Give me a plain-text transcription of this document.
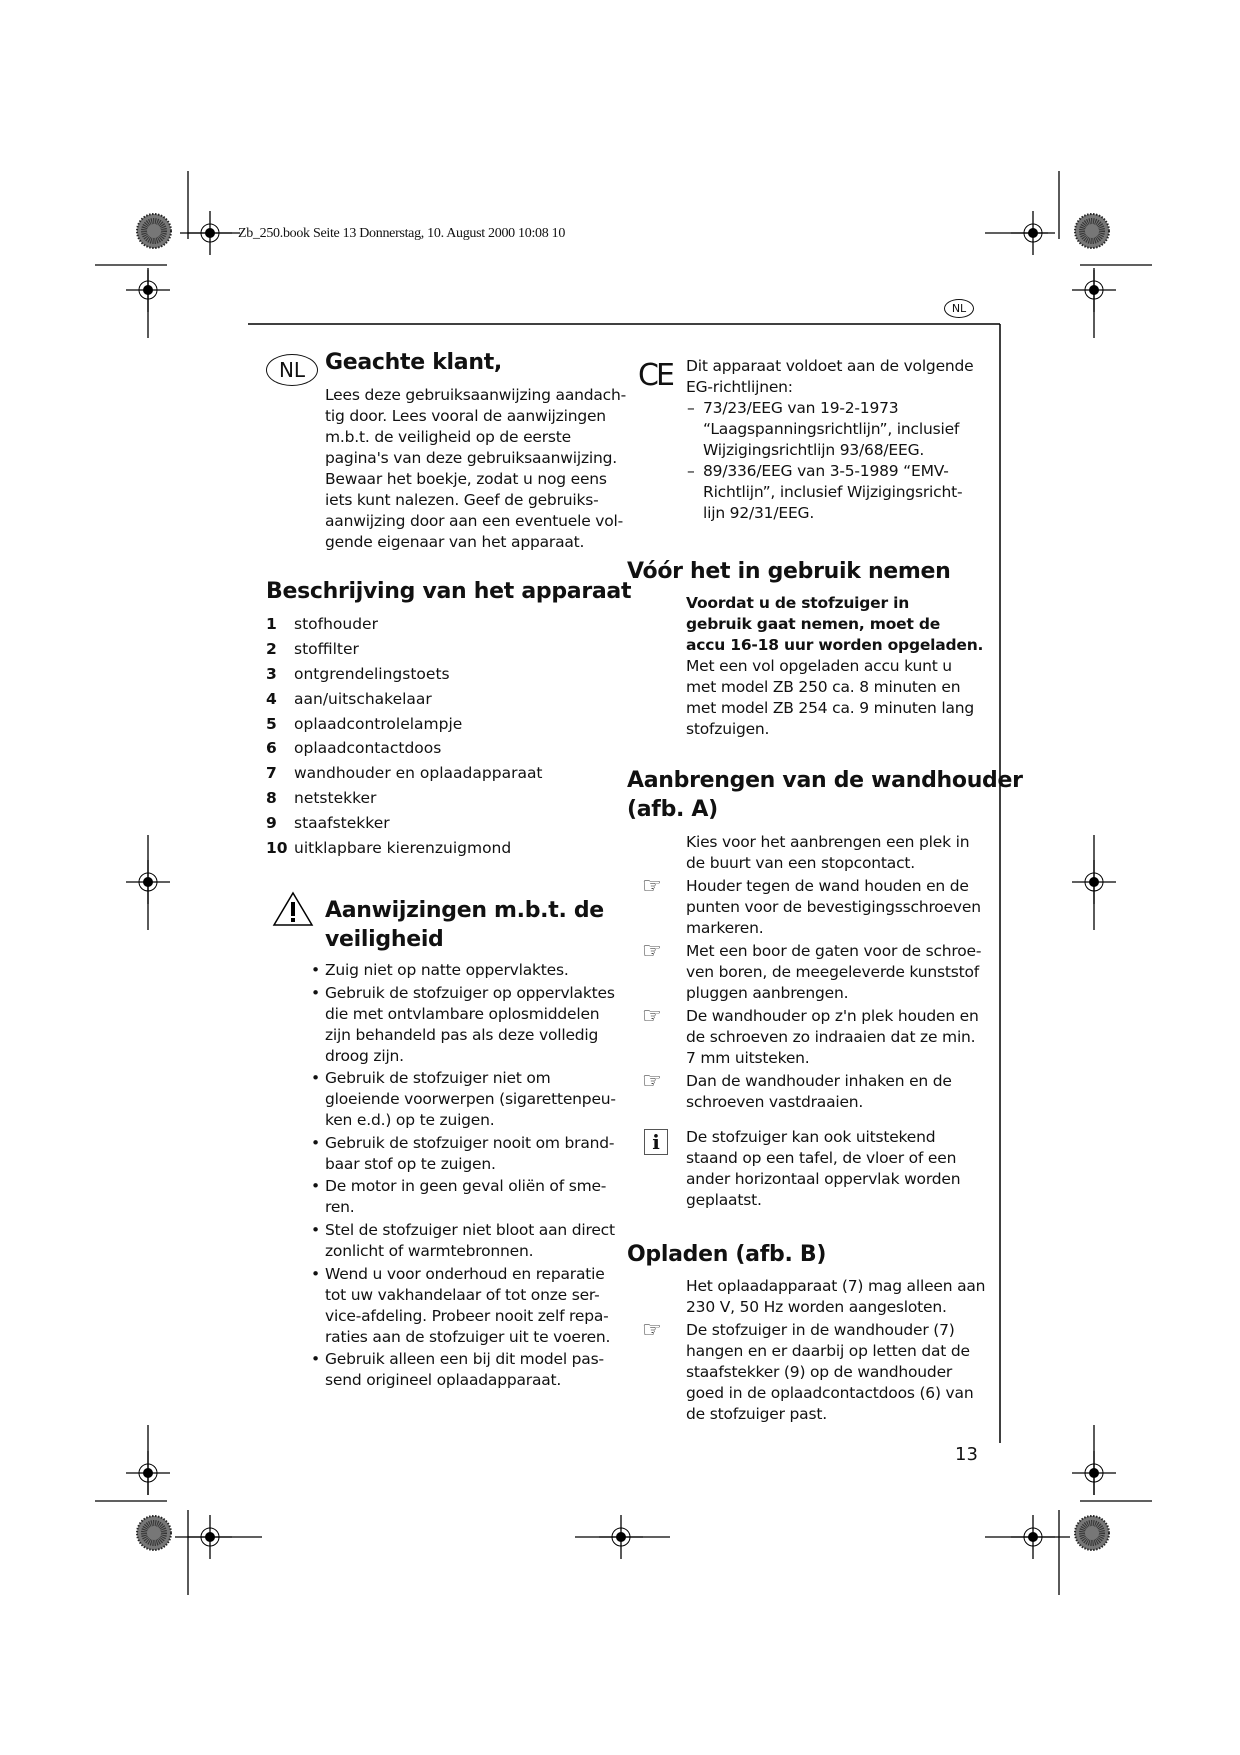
Zb_250.book Seite 13 Donnerstag, 10. August 2000 10:08 10
NL
13
NL Geachte klant,
Lees deze gebruiksaanwijzing aandach-
tig door. Lees vooral de aanwijzingen
m.b.t. de veiligheid op de eerste
pagina's van deze gebruiksaanwijzing.
Bewaar het boekje, zodat u nog eens
iets kunt nalezen. Geef de gebruiks-
aanwijzing door aan een eventuele vol-
gende eigenaar van het apparaat.
Beschrijving van het apparaat
1	stofhouder
2	stoffilter
3	ontgrendelingstoets
4	aan/uitschakelaar
5	oplaadcontrolelampje
6	oplaadcontactdoos
7	wandhouder en oplaadapparaat
8	netstekker
9	staafstekker
10 uitklapbare kierenzuigmond
Aanwijzingen m.b.t. de
veiligheid
• Zuig niet op natte oppervlaktes.
• Gebruik de stofzuiger op oppervlaktes
die met ontvlambare oplosmiddelen
zijn behandeld pas als deze volledig
droog zijn.
• Gebruik de stofzuiger niet om
gloeiende voorwerpen (sigarettenpeu-
ken e.d.) op te zuigen.
• Gebruik de stofzuiger nooit om brand-
baar stof op te zuigen.
• De motor in geen geval oliën of sme-
ren.
• Stel de stofzuiger niet bloot aan direct
zonlicht of warmtebronnen.
• Wend u voor onderhoud en reparatie
tot uw vakhandelaar of tot onze ser-
vice-afdeling. Probeer nooit zelf repa-
raties aan de stofzuiger uit te voeren.
• Gebruik alleen een bij dit model pas-
send origineel oplaadapparaat.
CE Dit apparaat voldoet aan de volgende
EG-richtlijnen:
– 73/23/EEG van 19-2-1973
“Laagspanningsrichtlijn”, inclusief
Wijzigingsrichtlijn 93/68/EEG.
– 89/336/EEG van 3-5-1989 “EMV-
Richtlijn”, inclusief Wijzigingsricht-
lijn 92/31/EEG.
Vóór het in gebruik nemen
Voordat u de stofzuiger in
gebruik gaat nemen, moet de
accu 16-18 uur worden opgeladen.
Met een vol opgeladen accu kunt u
met model ZB 250 ca. 8 minuten en
met model ZB 254 ca. 9 minuten lang
stofzuigen.
Aanbrengen van de wandhouder
(afb. A)
Kies voor het aanbrengen een plek in
de buurt van een stopcontact.
☞ Houder tegen de wand houden en de
punten voor de bevestigingsschroeven
markeren.
☞ Met een boor de gaten voor de schroe-
ven boren, de meegeleverde kunststof
pluggen aanbrengen.
☞ De wandhouder op z'n plek houden en
de schroeven zo indraaien dat ze min.
7 mm uitsteken.
☞ Dan de wandhouder inhaken en de
schroeven vastdraaien.
i	De stofzuiger kan ook uitstekend
staand op een tafel, de vloer of een
ander horizontaal oppervlak worden
geplaatst.
Opladen (afb. B)
Het oplaadapparaat (7) mag alleen aan
230 V, 50 Hz worden aangesloten.
☞ De stofzuiger in de wandhouder (7)
hangen en er daarbij op letten dat de
staafstekker (9) op de wandhouder
goed in de oplaadcontactdoos (6) van
de stofzuiger past.
